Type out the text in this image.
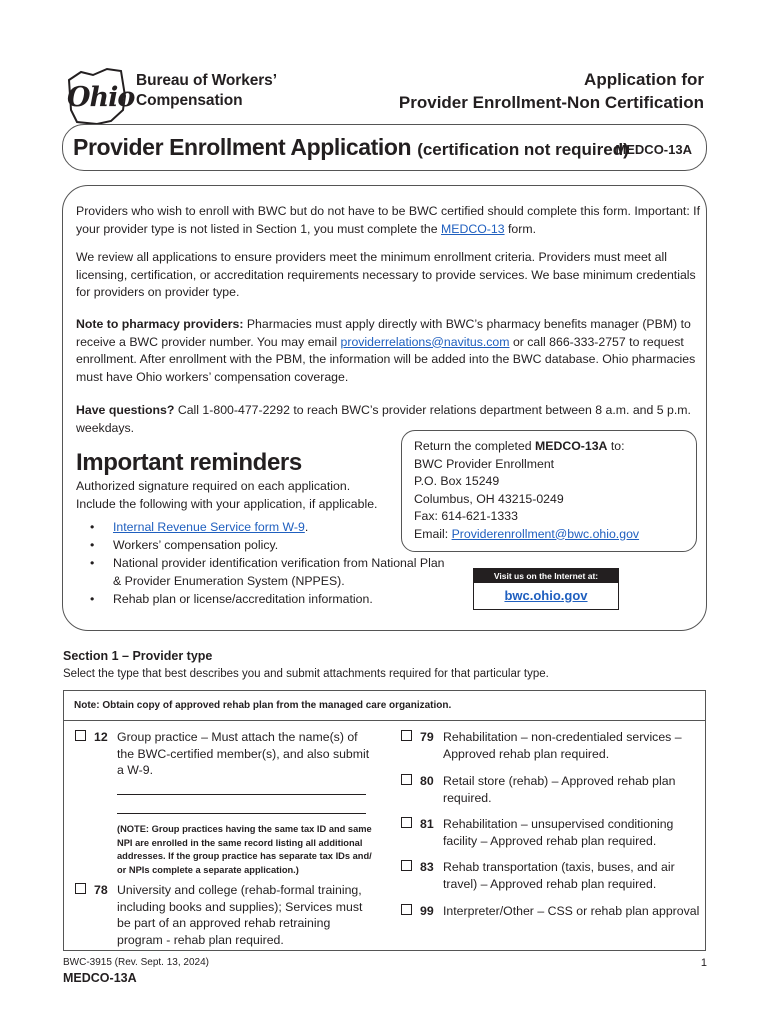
Ohio
Bureau of Workers’
Compensation
Application for
Provider Enrollment-Non Certification
Provider Enrollment Application (certification not required)
MEDCO-13A
Providers who wish to enroll with BWC but do not have to be BWC certified should complete this form. Important: If your provider type is not listed in Section 1, you must complete the MEDCO-13 form.
We review all applications to ensure providers meet the minimum enrollment criteria. Providers must meet all licensing, certification, or accreditation requirements necessary to provide services. We base minimum credentials for providers on provider type.
Note to pharmacy providers: Pharmacies must apply directly with BWC’s pharmacy benefits manager (PBM) to receive a BWC provider number. You may email providerrelations@navitus.com or call 866-333-2757 to request enrollment. After enrollment with the PBM, the information will be added into the BWC database. Ohio pharmacies must have Ohio workers’ compensation coverage.
Have questions? Call 1-800-477-2292 to reach BWC’s provider relations department between 8 a.m. and 5 p.m. weekdays.
Important reminders
Authorized signature required on each application.
Include the following with your application, if applicable.
• Internal Revenue Service form W-9.
• Workers’ compensation policy.
• National provider identification verification from National Plan & Provider Enumeration System (NPPES).
• Rehab plan or license/accreditation information.
Return the completed MEDCO-13A to:
BWC Provider Enrollment
P.O. Box 15249
Columbus, OH 43215-0249
Fax: 614-621-1333
Email: Providerenrollment@bwc.ohio.gov
Visit us on the Internet at:
bwc.ohio.gov
Section 1 – Provider type
Select the type that best describes you and submit attachments required for that particular type.
Note: Obtain copy of approved rehab plan from the managed care organization.
12 Group practice – Must attach the name(s) of the BWC-certified member(s), and also submit a W-9.
(NOTE: Group practices having the same tax ID and same NPI are enrolled in the same record listing all additional addresses. If the group practice has separate tax IDs and/ or NPIs complete a separate application.)
78 University and college (rehab-formal training, including books and supplies); Services must be part of an approved rehab retraining program - rehab plan required.
79 Rehabilitation – non-credentialed services – Approved rehab plan required.
80 Retail store (rehab) – Approved rehab plan required.
81 Rehabilitation – unsupervised conditioning facility – Approved rehab plan required.
83 Rehab transportation (taxis, buses, and air travel) – Approved rehab plan required.
99 Interpreter/Other – CSS or rehab plan approval
BWC-3915 (Rev. Sept. 13, 2024)
MEDCO-13A
1
